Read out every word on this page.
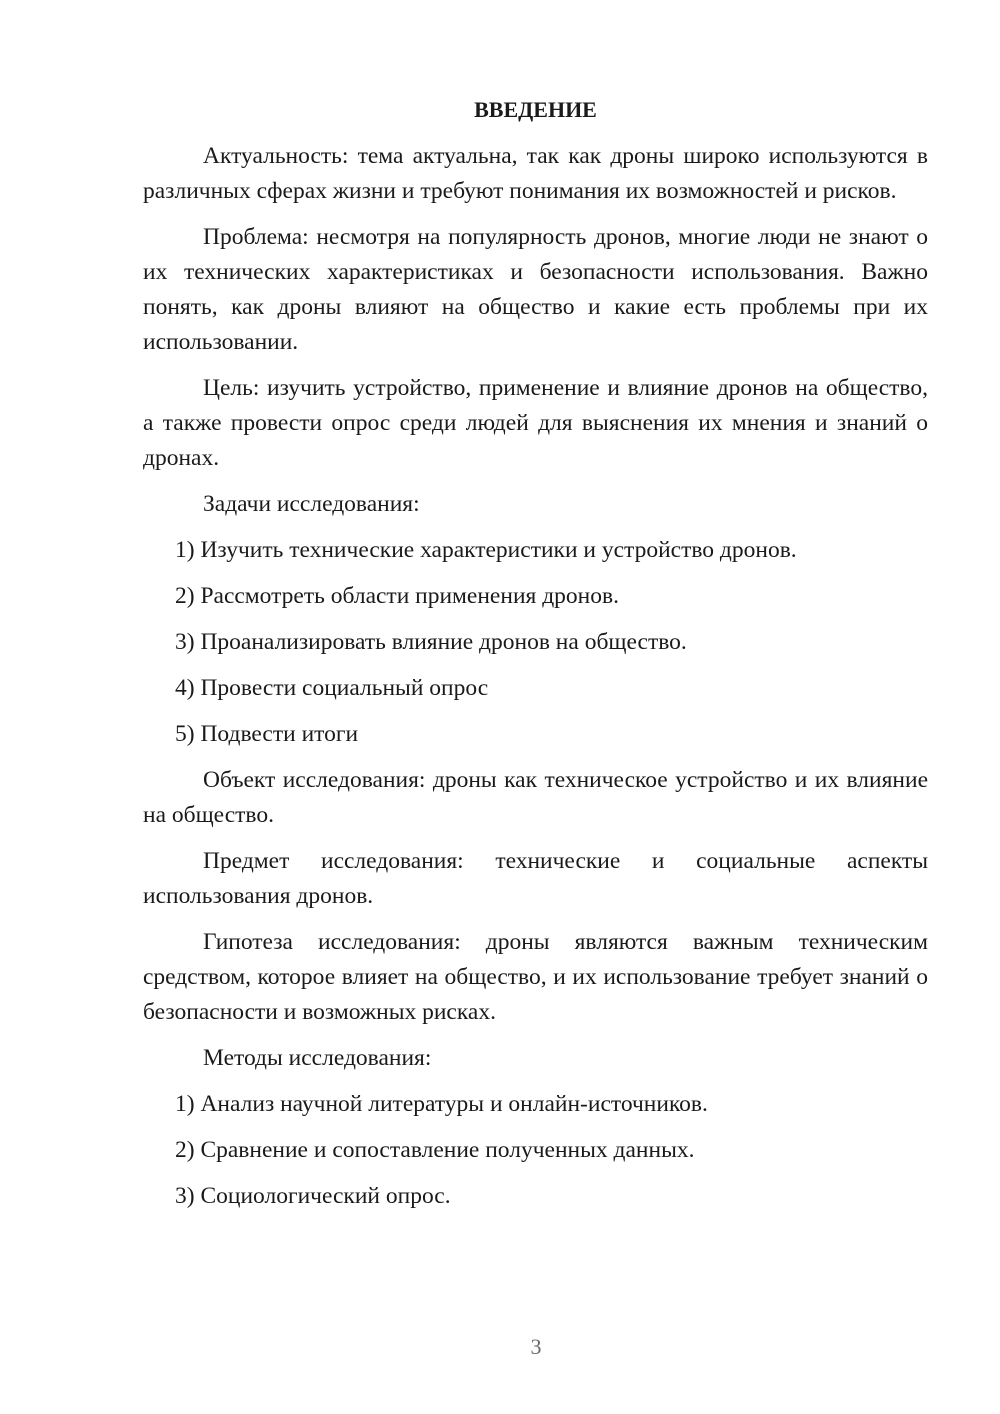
ВВЕДЕНИЕ

Актуальность: тема актуальна, так как дроны широко используются в различных сферах жизни и требуют понимания их возможностей и рисков.

Проблема: несмотря на популярность дронов, многие люди не знают о их технических характеристиках и безопасности использования. Важно понять, как дроны влияют на общество и какие есть проблемы при их использовании.

Цель: изучить устройство, применение и влияние дронов на общество, а также провести опрос среди людей для выяснения их мнения и знаний о дронах.

Задачи исследования:

1) Изучить технические характеристики и устройство дронов.
2) Рассмотреть области применения дронов.
3) Проанализировать влияние дронов на общество.
4) Провести социальный опрос
5) Подвести итоги

Объект исследования: дроны как техническое устройство и их влияние на общество.

Предмет исследования: технические и социальные аспекты использования дронов.

Гипотеза исследования: дроны являются важным техническим средством, которое влияет на общество, и их использование требует знаний о безопасности и возможных рисках.

Методы исследования:

1) Анализ научной литературы и онлайн-источников.
2) Сравнение и сопоставление полученных данных.
3) Социологический опрос.
3
